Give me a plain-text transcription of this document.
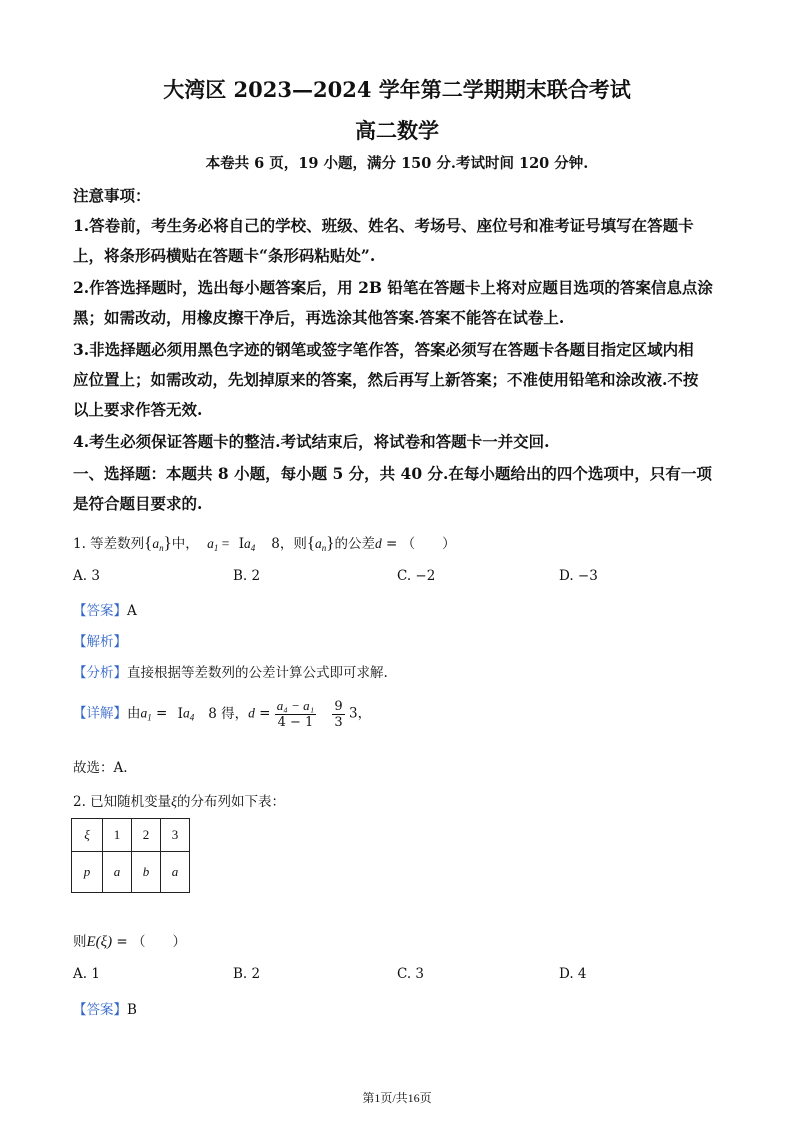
大湾区 2023—2024 学年第二学期期末联合考试
高二数学
本卷共 6 页，19 小题，满分 150 分.考试时间 120 分钟.
注意事项：
1.答卷前，考生务必将自己的学校、班级、姓名、考场号、座位号和准考证号填写在答题卡
上，将条形码横贴在答题卡“条形码粘贴处”.
2.作答选择题时，选出每小题答案后，用 2B 铅笔在答题卡上将对应题目选项的答案信息点涂
黑；如需改动，用橡皮擦干净后，再选涂其他答案.答案不能答在试卷上.
3.非选择题必须用黑色字迹的钢笔或签字笔作答，答案必须写在答题卡各题目指定区域内相
应位置上；如需改动，先划掉原来的答案，然后再写上新答案；不准使用铅笔和涂改液.不按
以上要求作答无效.
4.考生必须保证答题卡的整洁.考试结束后，将试卷和答题卡一并交回.
一、选择题：本题共 8 小题，每小题 5 分，共 40 分.在每小题给出的四个选项中，只有一项
是符合题目要求的.
1. 等差数列$\{a_n\}$中， $a_1 = Ia_4$ 8，则$\{a_n\}$的公差d = （　　）
A. 3	B. 2	C. −2	D. −3
【答案】A
【解析】
【分析】直接根据等差数列的公差计算公式即可求解.
【详解】由$a_1 = Ia_4$ 8 得，$d = \frac{\text{a₄ − a₁}}{4 - 1}$
$\frac{9}{3} 3$，
故选：A.
2. 已知随机变量ξ的分布列如下表：
ξ	1	2	3
p	a	b	a
则E(ξ) = （　　）
A. 1	B. 2	C. 3	D. 4
【答案】B
第1页/共16页
